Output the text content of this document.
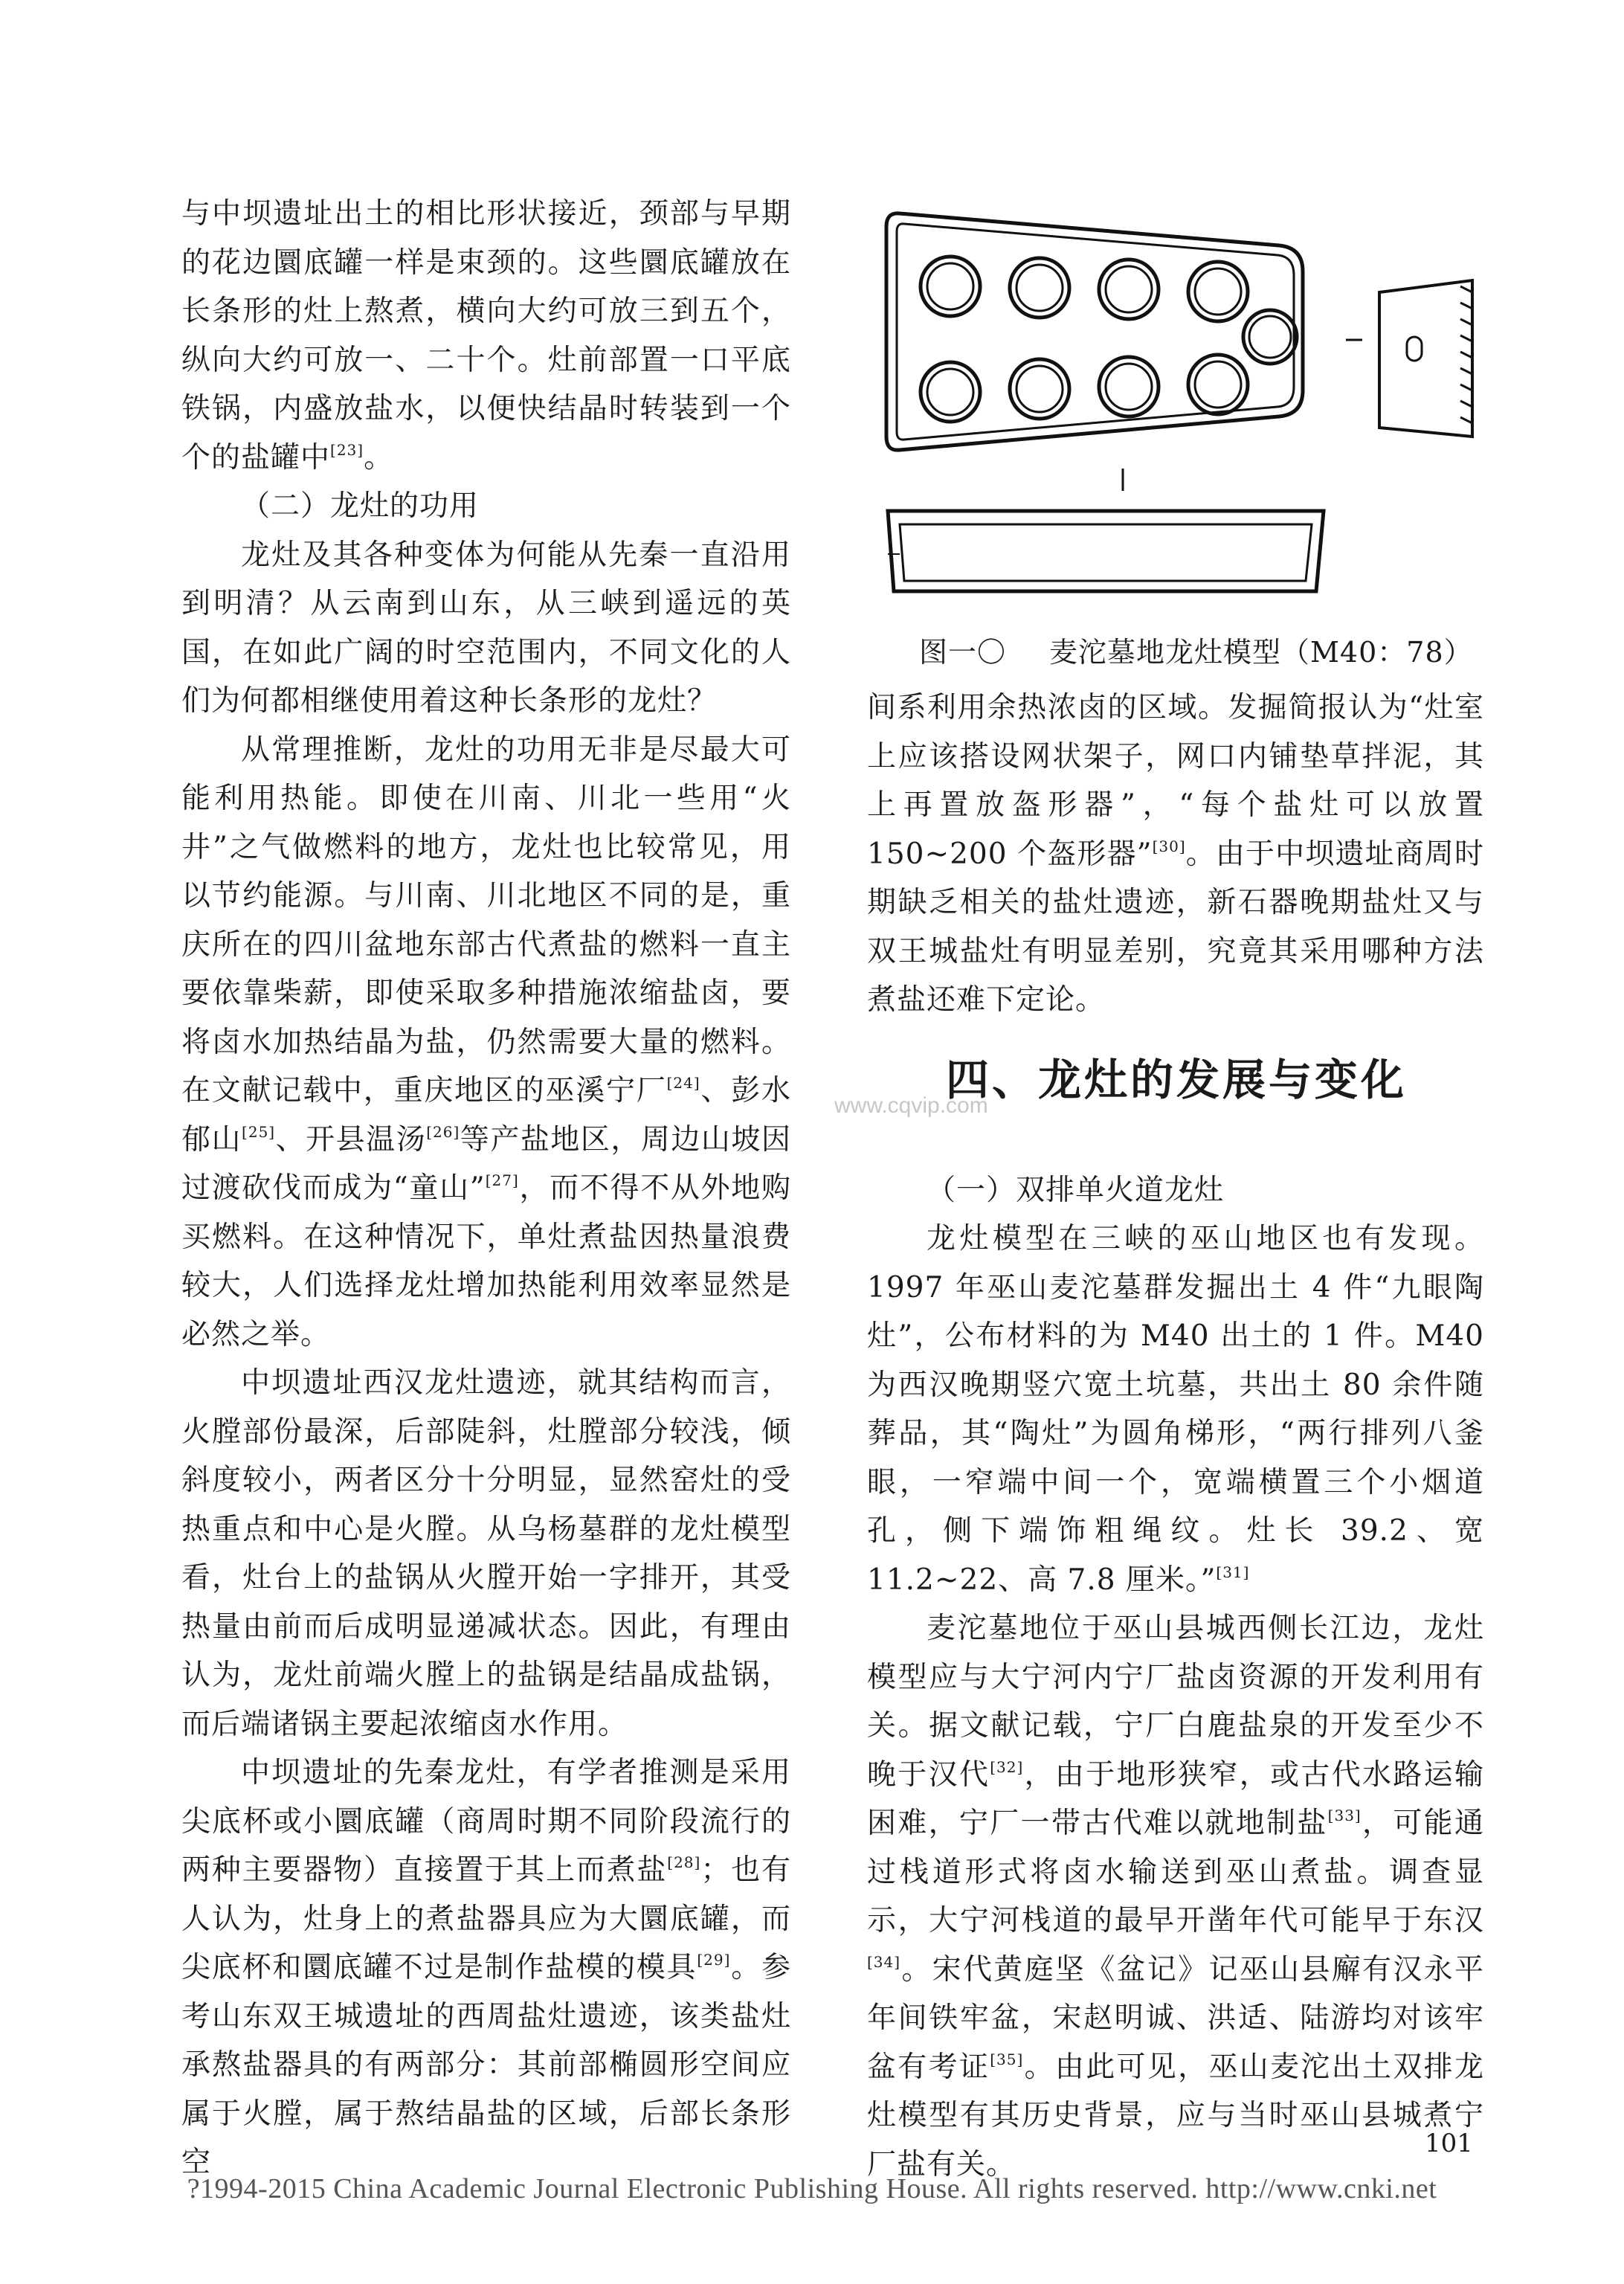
与中坝遗址出土的相比形状接近，颈部与早期的花边圜底罐一样是束颈的。这些圜底罐放在长条形的灶上熬煮，横向大约可放三到五个，纵向大约可放一、二十个。灶前部置一口平底铁锅，内盛放盐水，以便快结晶时转装到一个个的盐罐中[23]。

（二）龙灶的功用

龙灶及其各种变体为何能从先秦一直沿用到明清？从云南到山东，从三峡到遥远的英国，在如此广阔的时空范围内，不同文化的人们为何都相继使用着这种长条形的龙灶？

从常理推断，龙灶的功用无非是尽最大可能利用热能。即使在川南、川北一些用“火井”之气做燃料的地方，龙灶也比较常见，用以节约能源。与川南、川北地区不同的是，重庆所在的四川盆地东部古代煮盐的燃料一直主要依靠柴薪，即使采取多种措施浓缩盐卤，要将卤水加热结晶为盐，仍然需要大量的燃料。在文献记载中，重庆地区的巫溪宁厂[24]、彭水郁山[25]、开县温汤[26]等产盐地区，周边山坡因过渡砍伐而成为“童山”[27]，而不得不从外地购买燃料。在这种情况下，单灶煮盐因热量浪费较大，人们选择龙灶增加热能利用效率显然是必然之举。

中坝遗址西汉龙灶遗迹，就其结构而言，火膛部份最深，后部陡斜，灶膛部分较浅，倾斜度较小，两者区分十分明显，显然窑灶的受热重点和中心是火膛。从乌杨墓群的龙灶模型看，灶台上的盐锅从火膛开始一字排开，其受热量由前而后成明显递减状态。因此，有理由认为，龙灶前端火膛上的盐锅是结晶成盐锅，而后端诸锅主要起浓缩卤水作用。

中坝遗址的先秦龙灶，有学者推测是采用尖底杯或小圜底罐（商周时期不同阶段流行的两种主要器物）直接置于其上而煮盐[28]；也有人认为，灶身上的煮盐器具应为大圜底罐，而尖底杯和圜底罐不过是制作盐模的模具[29]。参考山东双王城遗址的西周盐灶遗迹，该类盐灶承熬盐器具的有两部分：其前部椭圆形空间应属于火膛，属于熬结晶盐的区域，后部长条形空

图一〇 麦沱墓地龙灶模型（M40：78）

间系利用余热浓卤的区域。发掘简报认为“灶室上应该搭设网状架子，网口内铺垫草拌泥，其上再置放盔形器”，“每个盐灶可以放置150~200 个盔形器”[30]。由于中坝遗址商周时期缺乏相关的盐灶遗迹，新石器晚期盐灶又与双王城盐灶有明显差别，究竟其采用哪种方法煮盐还难下定论。

（一）双排单火道龙灶

龙灶模型在三峡的巫山地区也有发现。1997 年巫山麦沱墓群发掘出土 4 件“九眼陶灶”，公布材料的为 M40 出土的 1 件。M40 为西汉晚期竖穴宽土坑墓，共出土 80 余件随葬品，其“陶灶”为圆角梯形，“两行排列八釜眼，一窄端中间一个，宽端横置三个小烟道孔，侧下端饰粗绳纹。灶长 39.2、宽 11.2~22、高 7.8 厘米。”[31]

麦沱墓地位于巫山县城西侧长江边，龙灶模型应与大宁河内宁厂盐卤资源的开发利用有关。据文献记载，宁厂白鹿盐泉的开发至少不晚于汉代[32]，由于地形狭窄，或古代水路运输困难，宁厂一带古代难以就地制盐[33]，可能通过栈道形式将卤水输送到巫山煮盐。调查显示，大宁河栈道的最早开凿年代可能早于东汉[34]。宋代黄庭坚《盆记》记巫山县廨有汉永平年间铁牢盆，宋赵明诚、洪适、陆游均对该牢盆有考证[35]。由此可见，巫山麦沱出土双排龙灶模型有其历史背景，应与当时巫山县城煮宁厂盐有关。

四、龙灶的发展与变化
www.cqvip.com
101
?1994-2015 China Academic Journal Electronic Publishing House. All rights reserved. http://www.cnki.net
